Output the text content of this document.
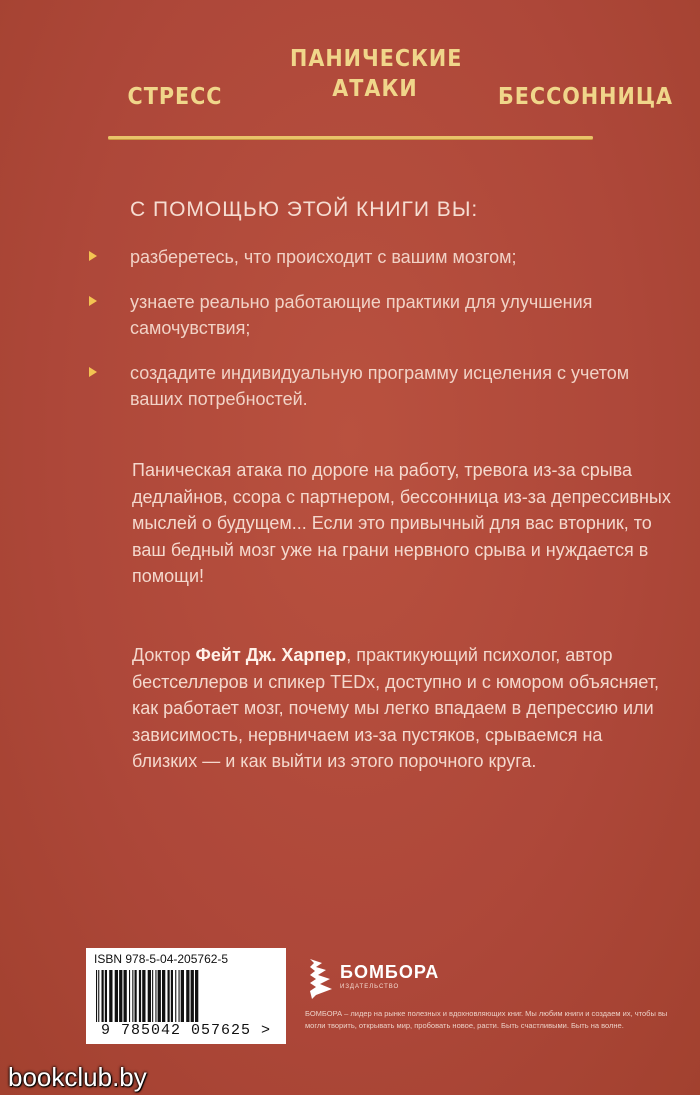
СТРЕСС
ПАНИЧЕСКИЕ АТАКИ	БЕССОННИЦА
С ПОМОЩЬЮ ЭТОЙ КНИГИ ВЫ:
разберетесь, что происходит с вашим мозгом;
узнаете реально работающие практики для улучшения самочувствия;
создадите индивидуальную программу исцеления с учетом ваших потребностей.

Паническая атака по дороге на работу, тревога из-за срыва дедлайнов, ссора с партнером, бессонница из-за депрессивных мыслей о будущем... Если это привычный для вас вторник, то ваш бедный мозг уже на грани нервного срыва и нуждается в помощи!

Доктор Фейт Дж. Харпер, практикующий психолог, автор бестселлеров и спикер TEDx, доступно и с юмором объясняет, как работает мозг, почему мы легко впадаем в депрессию или зависимость, нервничаем из-за пустяков, срываемся на близких — и как выйти из этого порочного круга.

ISBN 978-5-04-205762-5
9 785042 057625 >
БОМБОРА
ИЗДАТЕЛЬСТВО
БОМБОРА – лидер на рынке полезных и вдохновляющих книг. Мы любим книги и создаем их, чтобы вы могли творить, открывать мир, пробовать новое, расти. Быть счастливыми. Быть на волне.
bookclub.by
